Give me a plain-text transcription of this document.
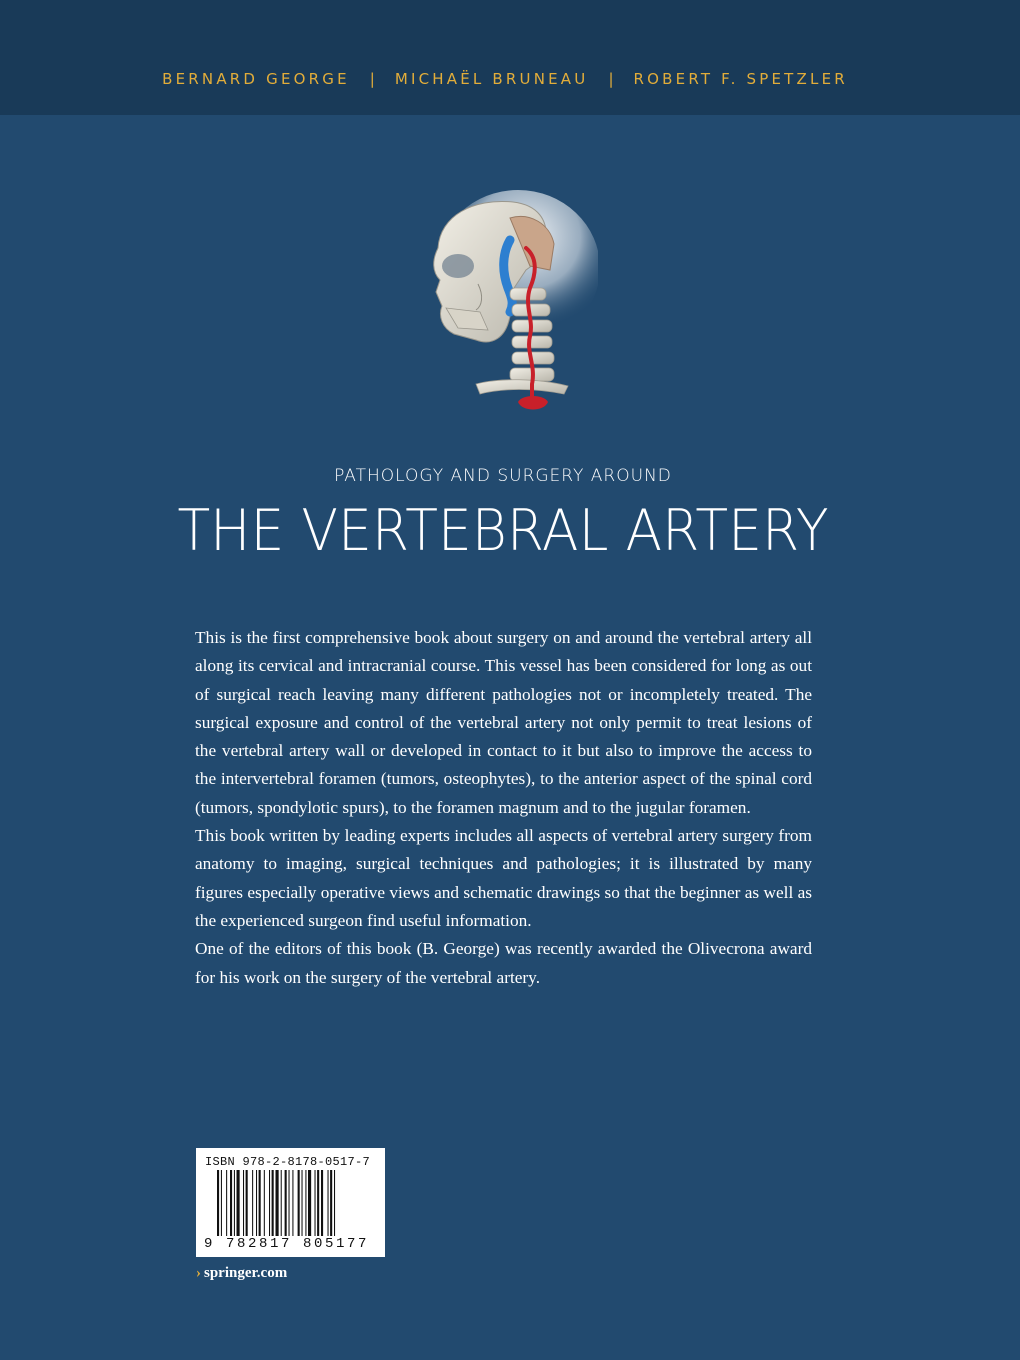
BERNARD GEORGE | MICHAËL BRUNEAU | ROBERT F. SPETZLER
PATHOLOGY AND SURGERY AROUND
THE VERTEBRAL ARTERY

This is the first comprehensive book about surgery on and around the vertebral artery all along its cervical and intracranial course. This vessel has been considered for long as out of surgical reach leaving many different pathologies not or incompletely treated. The surgical exposure and control of the vertebral artery not only permit to treat lesions of the vertebral artery wall or developed in contact to it but also to improve the access to the intervertebral foramen (tumors, osteophytes), to the anterior aspect of the spinal cord (tumors, spondylotic spurs), to the foramen magnum and to the jugular foramen.

This book written by leading experts includes all aspects of vertebral artery surgery from anatomy to imaging, surgical techniques and pathologies; it is illustrated by many figures especially operative views and schematic drawings so that the beginner as well as the experienced surgeon find useful information.

One of the editors of this book (B. George) was recently awarded the Olivecrona award for his work on the surgery of the vertebral artery.

ISBN 978-2-8178-0517-7
9 782817 805177
› springer.com
